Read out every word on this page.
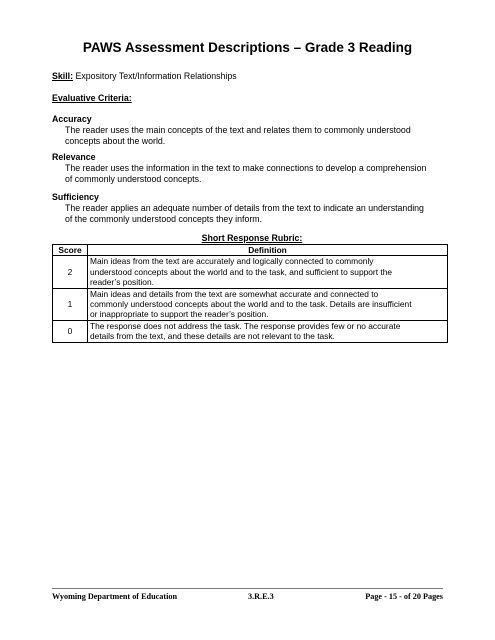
PAWS Assessment Descriptions – Grade 3 Reading
Skill: Expository Text/Information Relationships
Evaluative Criteria:
Accuracy
The reader uses the main concepts of the text and relates them to commonly understood
concepts about the world.
Relevance
The reader uses the information in the text to make connections to develop a comprehension
of commonly understood concepts.
Sufficiency
The reader applies an adequate number of details from the text to indicate an understanding
of the commonly understood concepts they inform.
Short Response Rubric:
Score	Definition
2	Main ideas from the text are accurately and logically connected to commonly
understood concepts about the world and to the task, and sufficient to support the
reader’s position.

1	Main ideas and details from the text are somewhat accurate and connected to
commonly understood concepts about the world and to the task. Details are insufficient
or inappropriate to support the reader’s position.

0	The response does not address the task. The response provides few or no accurate
details from the text, and these details are not relevant to the task.
Wyoming Department of Education	3.R.E.3	Page - 15 - of 20 Pages
